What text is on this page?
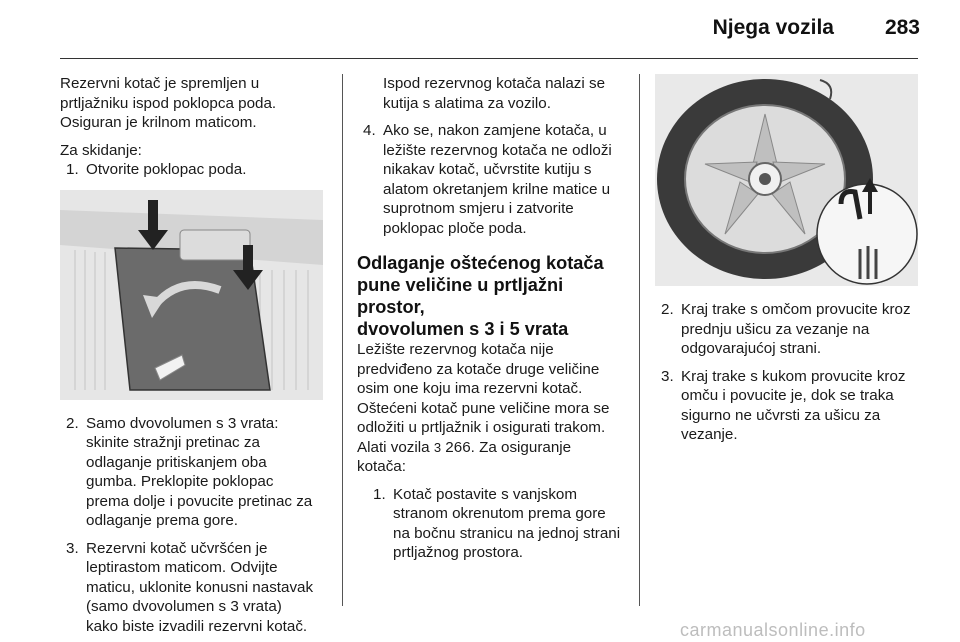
Njega vozila 283

Rezervni kotač je spremljen u

prtljažniku ispod poklopca poda.

Osiguran je krilnom maticom.

Za skidanje:

1. Otvorite poklopac poda.

2. Samo dvovolumen s 3 vrata:

skinite stražnji pretinac za

odlaganje pritiskanjem oba

gumba. Preklopite poklopac

prema dolje i povucite pretinac za

odlaganje prema gore.

3. Rezervni kotač učvršćen je

leptirastom maticom. Odvijte

maticu, uklonite konusni nastavak

(samo dvovolumen s 3 vrata)

kako biste izvadili rezervni kotač.

Ispod rezervnog kotača nalazi se

kutija s alatima za vozilo.

4. Ako se, nakon zamjene kotača, u

ležište rezervnog kotača ne odloži

nikakav kotač, učvrstite kutiju s

alatom okretanjem krilne matice u

suprotnom smjeru i zatvorite

poklopac ploče poda.

Odlaganje oštećenog kotača
pune veličine u prtljažni prostor,
dvovolumen s 3 i 5 vrata

Ležište rezervnog kotača nije

predviđeno za kotače druge veličine

osim one koju ima rezervni kotač.

Oštećeni kotač pune veličine mora se

odložiti u prtljažnik i osigurati trakom.

Alati vozila 3 266. Za osiguranje

kotača:

1. Kotač postavite s vanjskom

stranom okrenutom prema gore

na bočnu stranicu na jednoj strani

prtljažnog prostora.

2. Kraj trake s omčom provucite kroz

prednju ušicu za vezanje na

odgovarajućoj strani.

3. Kraj trake s kukom provucite kroz

omču i povucite je, dok se traka

sigurno ne učvrsti za ušicu za

vezanje.

carmanualsonline.info
